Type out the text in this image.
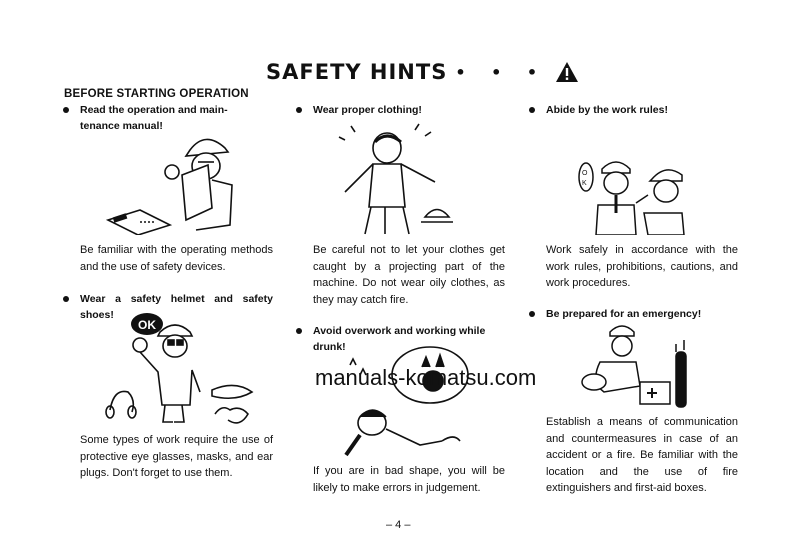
SAFETY HINTS • • •
BEFORE STARTING OPERATION
Read the operation and main-
tenance manual!
Be familiar with the operating methods and the use of safety devices.
Wear a safety helmet and safety
shoes!
OK
Some types of work require the use of protective eye glasses, masks, and ear plugs. Don't forget to use them.
Wear proper clothing!
Be careful not to let your clothes get caught by a projecting part of the machine. Do not wear oily clothes, as they may catch fire.
Avoid overwork and working while
drunk!
If you are in bad shape, you will be likely to make errors in judgement.
Abide by the work rules!
O
K
Work safely in accordance with the work rules, prohibitions, cautions, and work procedures.
Be prepared for an emergency!
Establish a means of communication and countermeasures in case of an accident or a fire. Be familiar with the location and the use of fire extinguishers and first-aid boxes.
manuals-komatsu.com
– 4 –
